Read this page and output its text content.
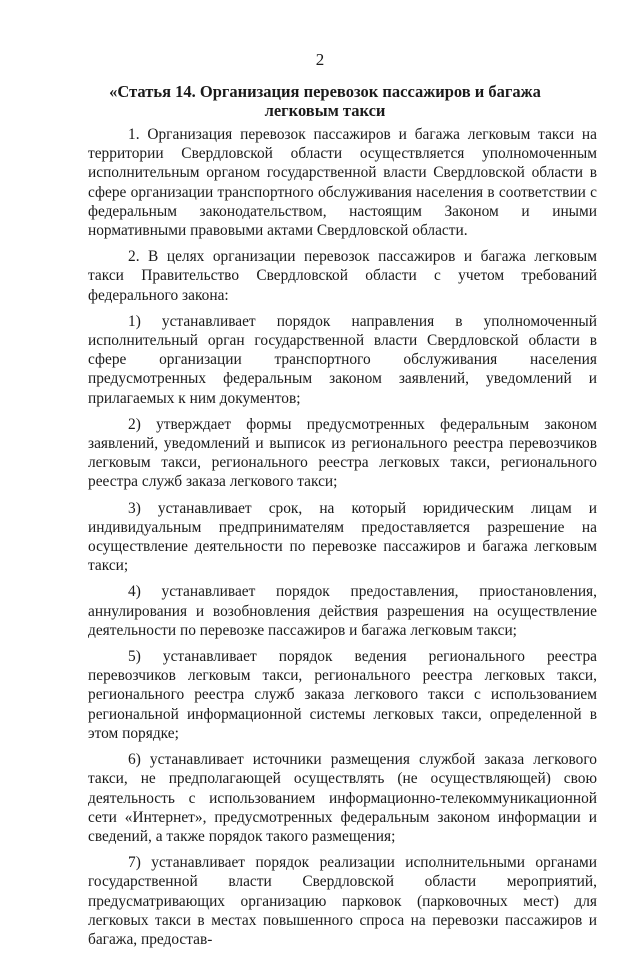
2
«Статья 14. Организация перевозок пассажиров и багажа легковым такси

1. Организация перевозок пассажиров и багажа легковым такси на территории Свердловской области осуществляется уполномоченным исполнительным органом государственной власти Свердловской области в сфере организации транспортного обслуживания населения в соответствии с федеральным законодательством, настоящим Законом и иными нормативными правовыми актами Свердловской области.

2. В целях организации перевозок пассажиров и багажа легковым такси Правительство Свердловской области с учетом требований федерального закона:

1) устанавливает порядок направления в уполномоченный исполнительный орган государственной власти Свердловской области в сфере организации транспортного обслуживания населения предусмотренных федеральным законом заявлений, уведомлений и прилагаемых к ним документов;

2) утверждает формы предусмотренных федеральным законом заявлений, уведомлений и выписок из регионального реестра перевозчиков легковым такси, регионального реестра легковых такси, регионального реестра служб заказа легкового такси;

3) устанавливает срок, на который юридическим лицам и индивидуальным предпринимателям предоставляется разрешение на осуществление деятельности по перевозке пассажиров и багажа легковым такси;

4) устанавливает порядок предоставления, приостановления, аннулирования и возобновления действия разрешения на осуществление деятельности по перевозке пассажиров и багажа легковым такси;

5) устанавливает порядок ведения регионального реестра перевозчиков легковым такси, регионального реестра легковых такси, регионального реестра служб заказа легкового такси с использованием региональной информационной системы легковых такси, определенной в этом порядке;

6) устанавливает источники размещения службой заказа легкового такси, не предполагающей осуществлять (не осуществляющей) свою деятельность с использованием информационно-телекоммуникационной сети «Интернет», предусмотренных федеральным законом информации и сведений, а также порядок такого размещения;

7) устанавливает порядок реализации исполнительными органами государственной власти Свердловской области мероприятий, предусматривающих организацию парковок (парковочных мест) для легковых такси в местах повышенного спроса на перевозки пассажиров и багажа, предостав-
